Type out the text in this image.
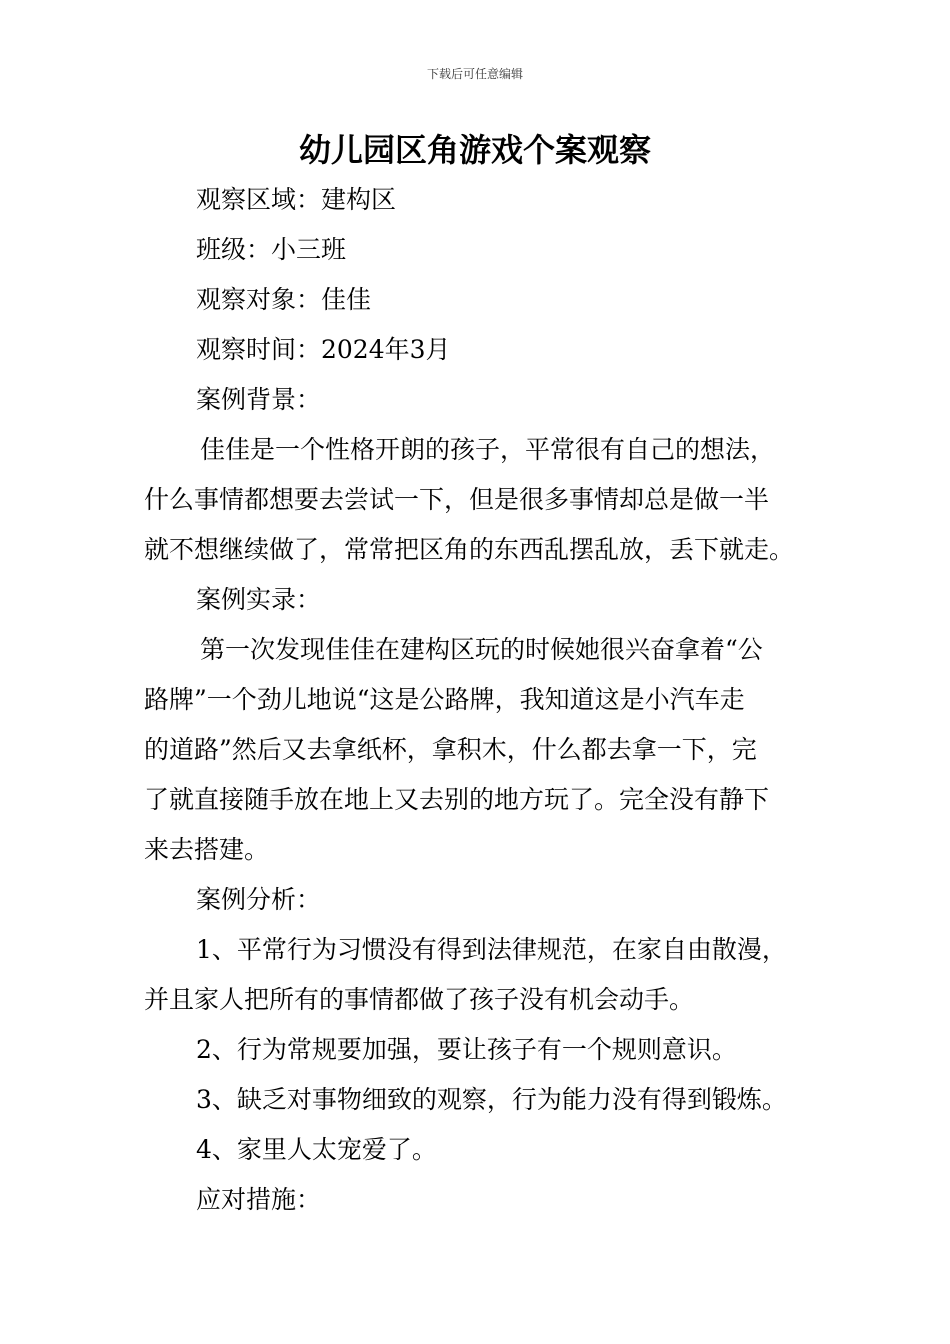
下载后可任意编辑
幼儿园区角游戏个案观察
观察区域：建构区
班级：小三班
观察对象：佳佳
观察时间：2024年3月
案例背景：
佳佳是一个性格开朗的孩子，平常很有自己的想法，
什么事情都想要去尝试一下，但是很多事情却总是做一半
就不想继续做了，常常把区角的东西乱摆乱放，丢下就走。
案例实录：
第一次发现佳佳在建构区玩的时候她很兴奋拿着“公
路牌”一个劲儿地说“这是公路牌，我知道这是小汽车走
的道路”然后又去拿纸杯，拿积木，什么都去拿一下，完
了就直接随手放在地上又去别的地方玩了。完全没有静下
来去搭建。
案例分析：
1、平常行为习惯没有得到法律规范，在家自由散漫，
并且家人把所有的事情都做了孩子没有机会动手。
2、行为常规要加强，要让孩子有一个规则意识。
3、缺乏对事物细致的观察，行为能力没有得到锻炼。
4、家里人太宠爱了。
应对措施：
